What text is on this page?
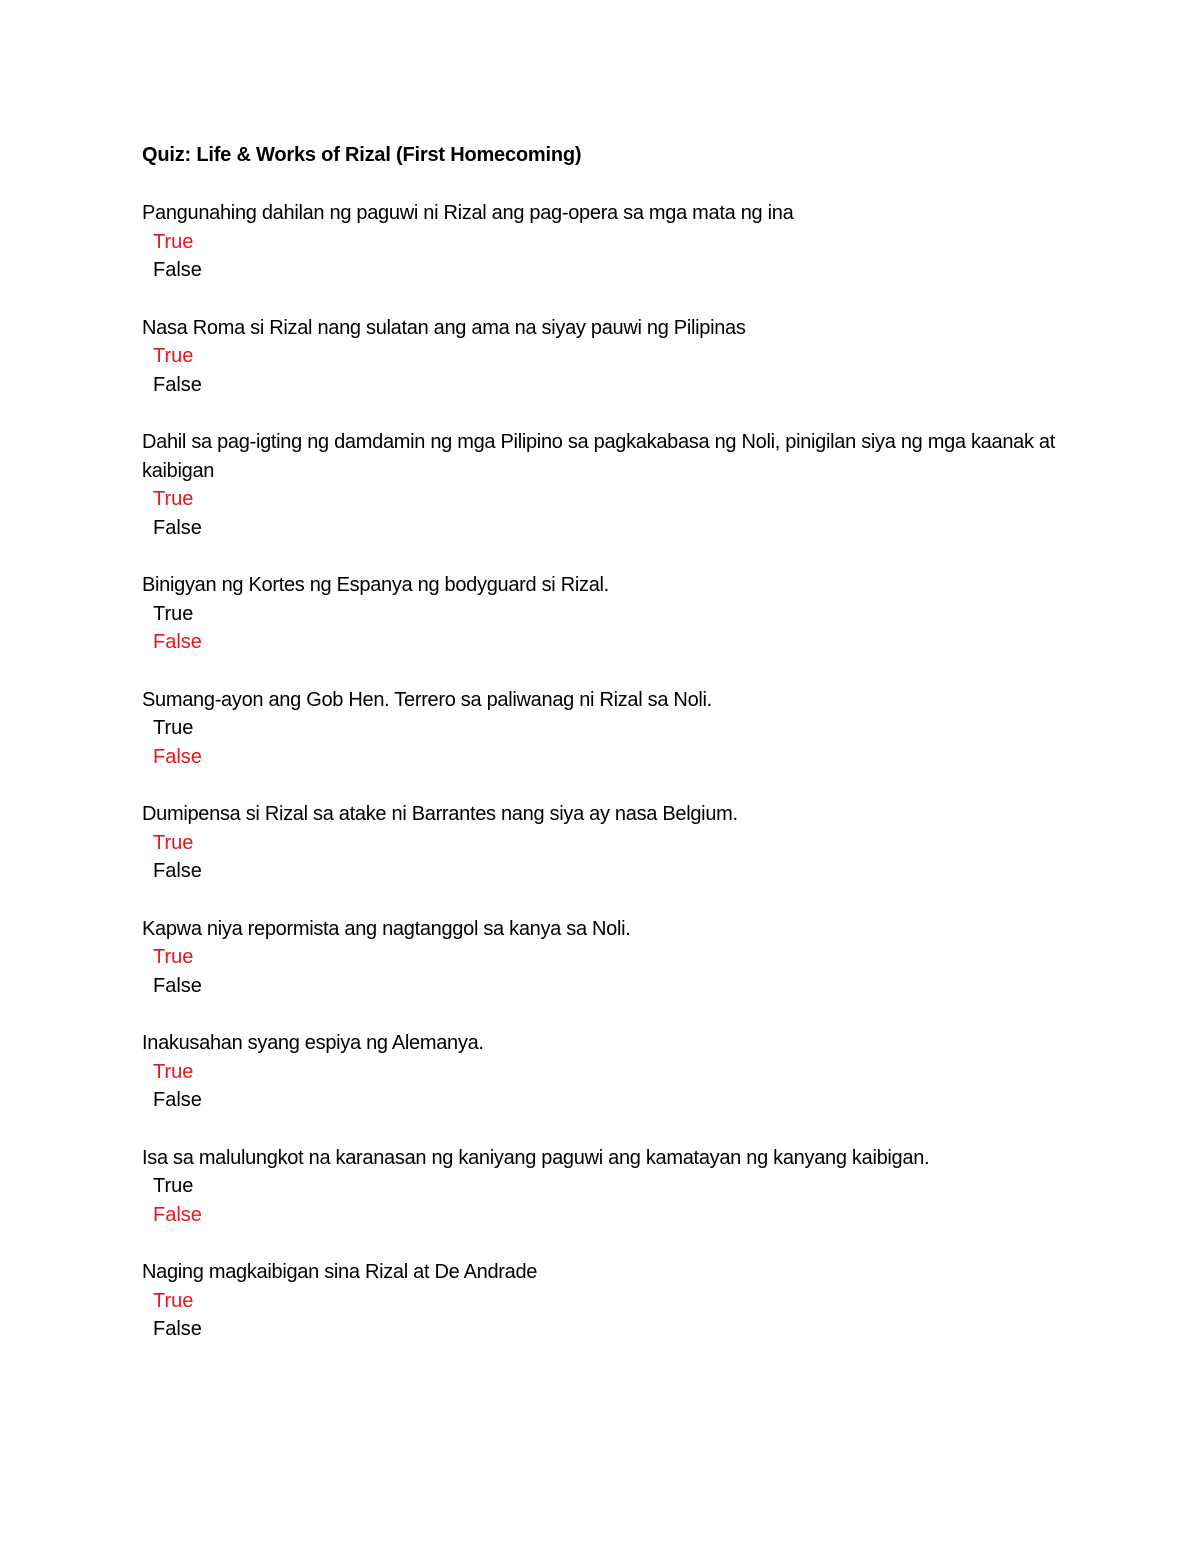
Quiz: Life & Works of Rizal (First Homecoming)
Pangunahing dahilan ng paguwi ni Rizal ang pag-opera sa mga mata ng ina
True
False
Nasa Roma si Rizal nang sulatan ang ama na siyay pauwi ng Pilipinas
True
False
Dahil sa pag-igting ng damdamin ng mga Pilipino sa pagkakabasa ng Noli, pinigilan siya ng mga kaanak at kaibigan
True
False
Binigyan ng Kortes ng Espanya ng bodyguard si Rizal.
True
False
Sumang-ayon ang Gob Hen. Terrero sa paliwanag ni Rizal sa Noli.
True
False
Dumipensa si Rizal sa atake ni Barrantes nang siya ay nasa Belgium.
True
False
Kapwa niya repormista ang nagtanggol sa kanya sa Noli.
True
False
Inakusahan syang espiya ng Alemanya.
True
False
Isa sa malulungkot na karanasan ng kaniyang paguwi ang kamatayan ng kanyang kaibigan.
True
False
Naging magkaibigan sina Rizal at De Andrade
True
False
